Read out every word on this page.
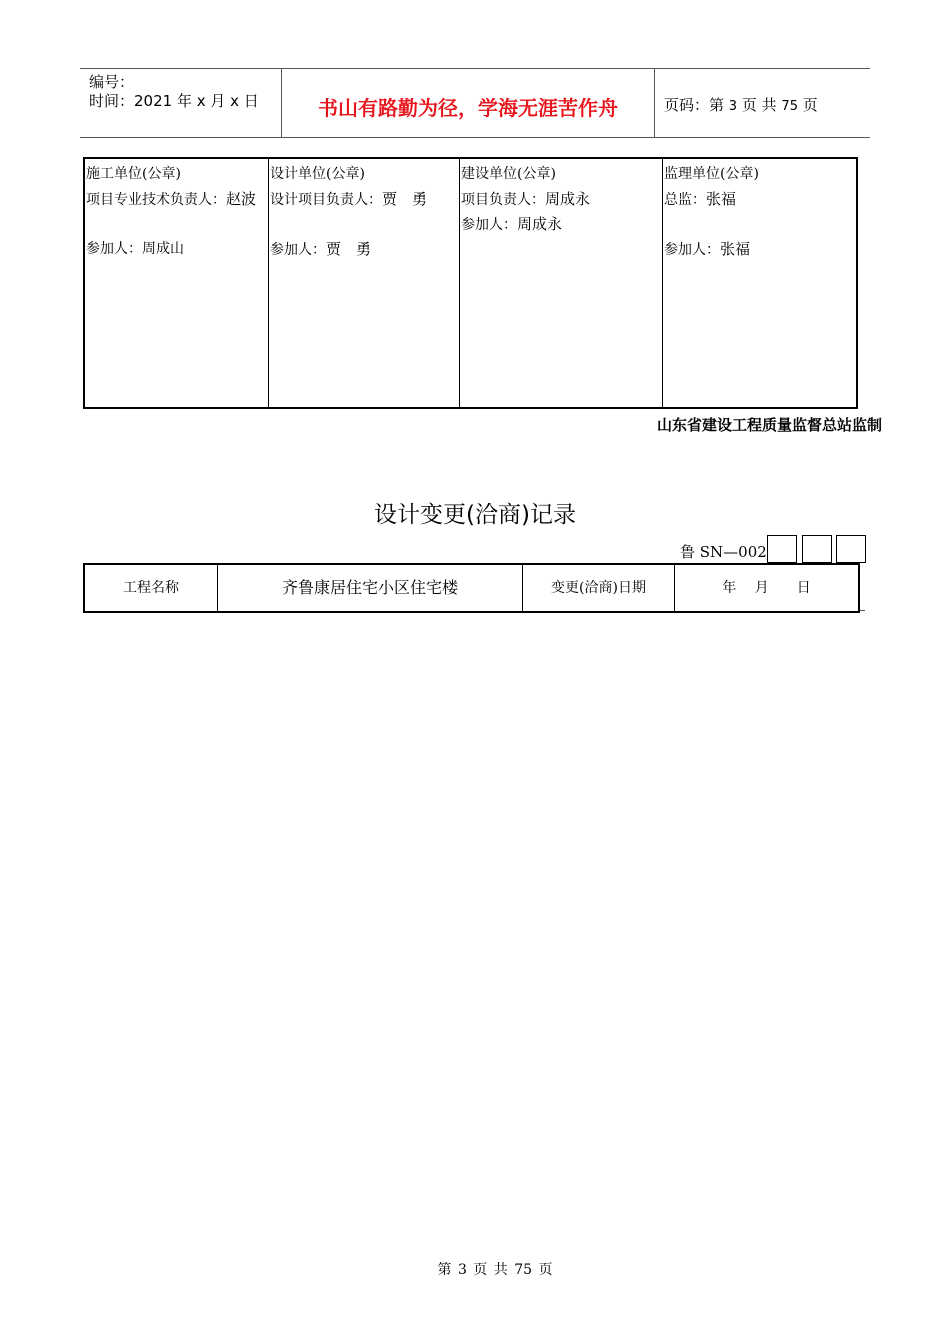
编号：
时间：2021 年 x 月 x 日	书山有路勤为径，学海无涯苦作舟	页码：第 3 页 共 75 页
施工单位(公章)
项目专业技术负责人：赵波
参加人：周成山
设计单位(公章)
设计项目负责人：贾　勇
参加人：贾　勇
建设单位(公章)
项目负责人：周成永
参加人：周成永
监理单位(公章)
总监：张福
参加人：张福
山东省建设工程质量监督总站监制
设计变更(洽商)记录
鲁 SN—002
工程名称	齐鲁康居住宅小区住宅楼	变更(洽商)日期	年　 月　　日
第 3 页 共 75 页
